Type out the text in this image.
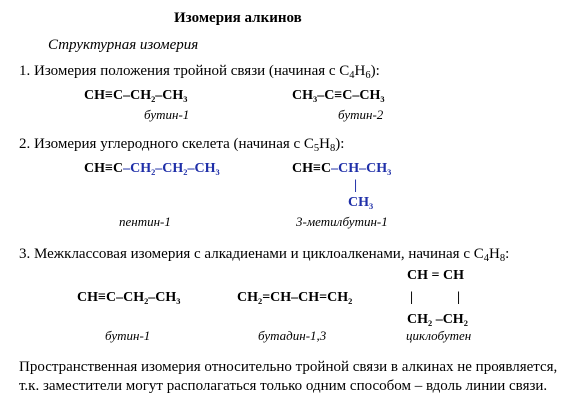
Изомерия алкинов
Структурная изомерия
1. Изомерия положения тройной связи (начиная с $C_4H_6$):
CH≡C–CH₂–CH₃
бутин-1
CH₃–C≡C–CH₃
бутин-2
2. Изомерия углеродного скелета (начиная с $C_5H_8$):
CH≡C–CH₂–CH₂–CH₃
пентин-1
CH≡C–CH–CH₃
|
CH₃
3-метилбутин-1
3. Межклассовая изомерия с алкадиенами и циклоалкенами, начиная с $C_4H_8$:
CH≡C–CH₂–CH₃
бутин-1
CH₂=CH–CH=CH₂
бутадин-1,3
CH = CH
|	|
CH₂ –CH₂
циклобутен
Пространственная изомерия относительно тройной связи в алкинах не проявляется, т.к. заместители могут располагаться только одним способом – вдоль линии связи.
